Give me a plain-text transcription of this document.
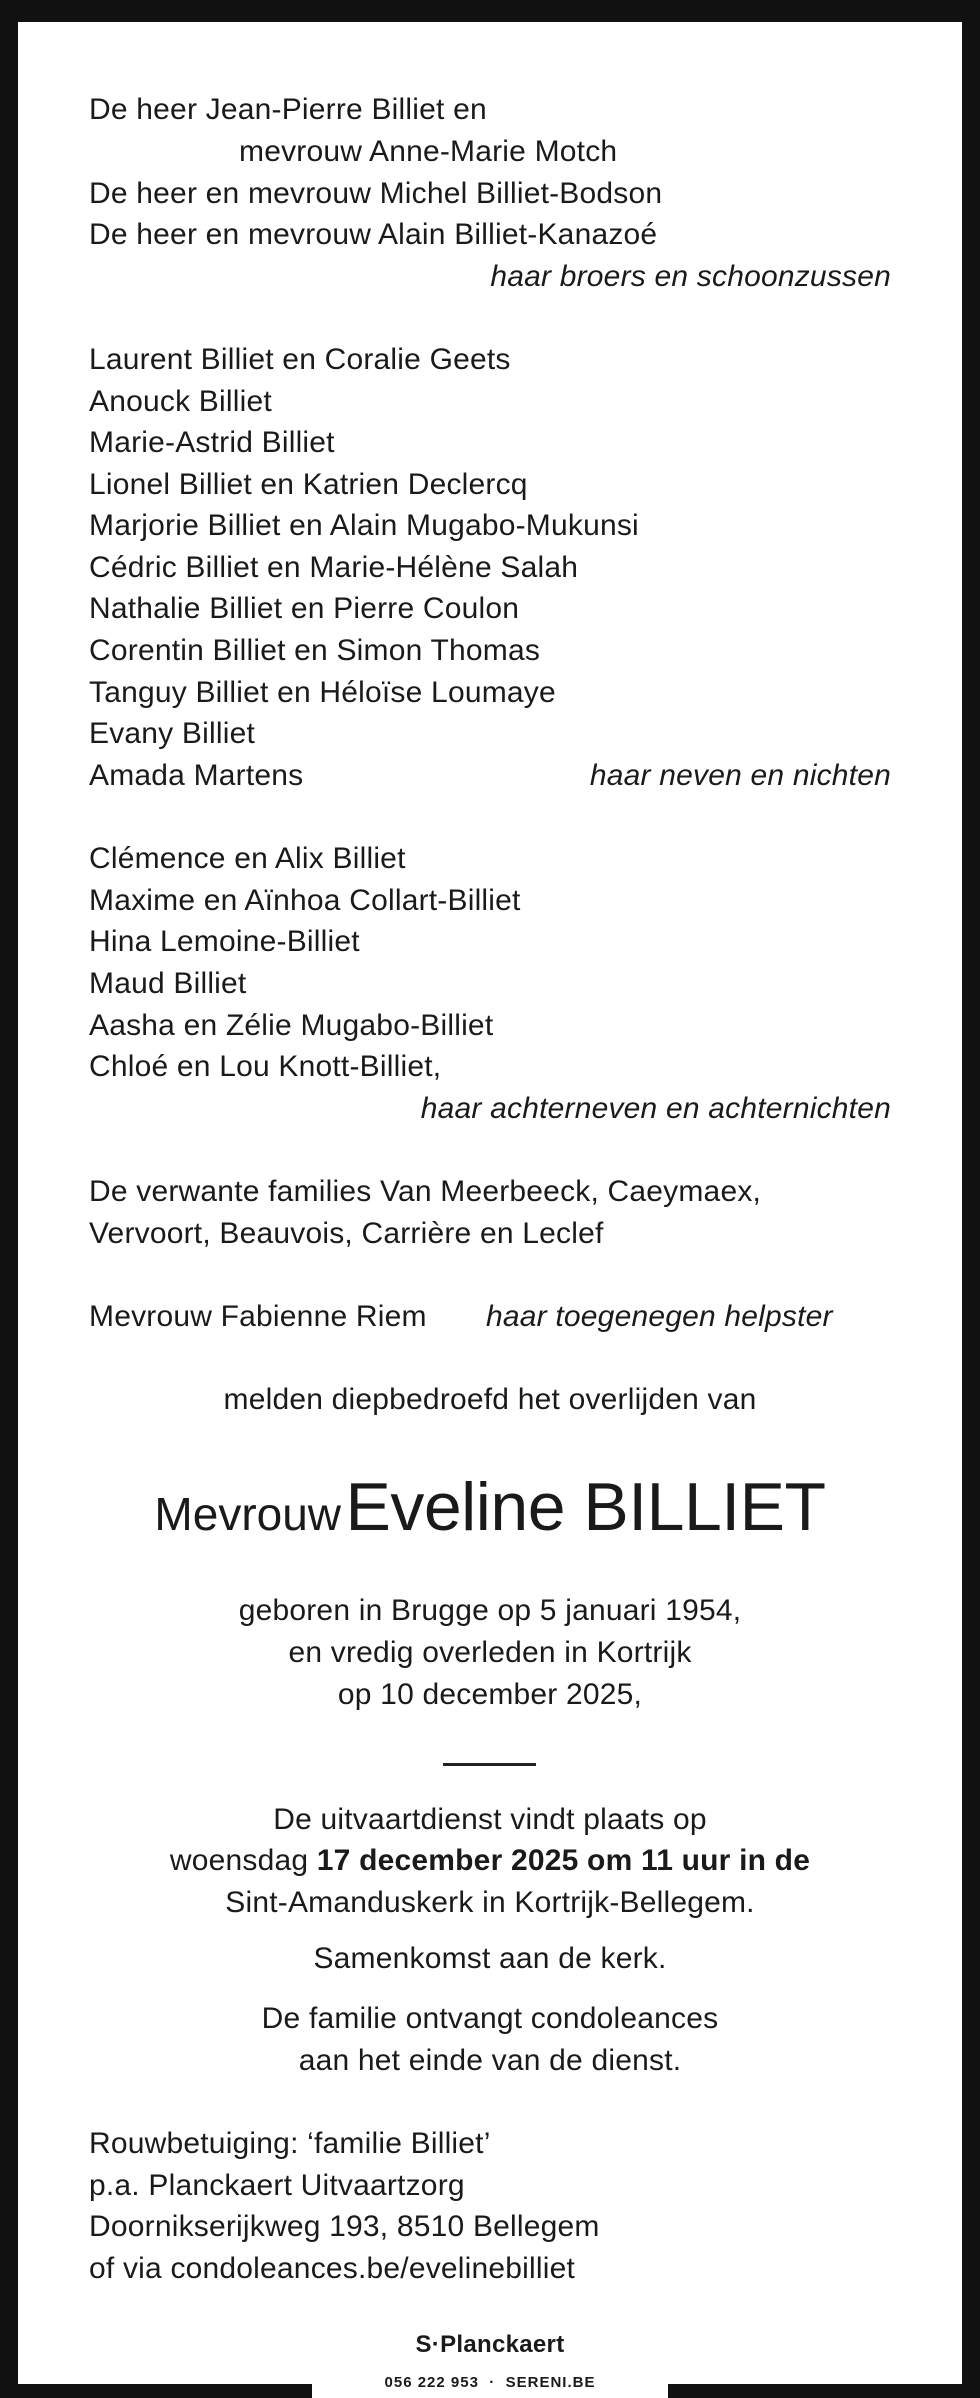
De heer Jean-Pierre Billiet en
mevrouw Anne-Marie Motch
De heer en mevrouw Michel Billiet-Bodson
De heer en mevrouw Alain Billiet-Kanazoé
haar broers en schoonzussen
Laurent Billiet en Coralie Geets
Anouck Billiet
Marie-Astrid Billiet
Lionel Billiet en Katrien Declercq
Marjorie Billiet en Alain Mugabo-Mukunsi
Cédric Billiet en Marie-Hélène Salah
Nathalie Billiet en Pierre Coulon
Corentin Billiet en Simon Thomas
Tanguy Billiet en Héloïse Loumaye
Evany Billiet
Amada Martens	haar neven en nichten
Clémence en Alix Billiet
Maxime en Aïnhoa Collart-Billiet
Hina Lemoine-Billiet
Maud Billiet
Aasha en Zélie Mugabo-Billiet
Chloé en Lou Knott-Billiet,
haar achterneven en achternichten
De verwante families Van Meerbeeck, Caeymaex,
Vervoort, Beauvois, Carrière en Leclef
Mevrouw Fabienne Riem haar toegenegen helpster
melden diepbedroefd het overlijden van
Mevrouw Eveline BILLIET
geboren in Brugge op 5 januari 1954,
en vredig overleden in Kortrijk
op 10 december 2025,
De uitvaartdienst vindt plaats op
woensdag 17 december 2025 om 11 uur in de
Sint-Amanduskerk in Kortrijk-Bellegem.
Samenkomst aan de kerk.
De familie ontvangt condoleances
aan het einde van de dienst.
Rouwbetuiging: ‘familie Billiet’
p.a. Planckaert Uitvaartzorg
Doornikserijkweg 193, 8510 Bellegem
of via condoleances.be/evelinebilliet
S·Planckaert
056 222 953 · SERENI.BE
